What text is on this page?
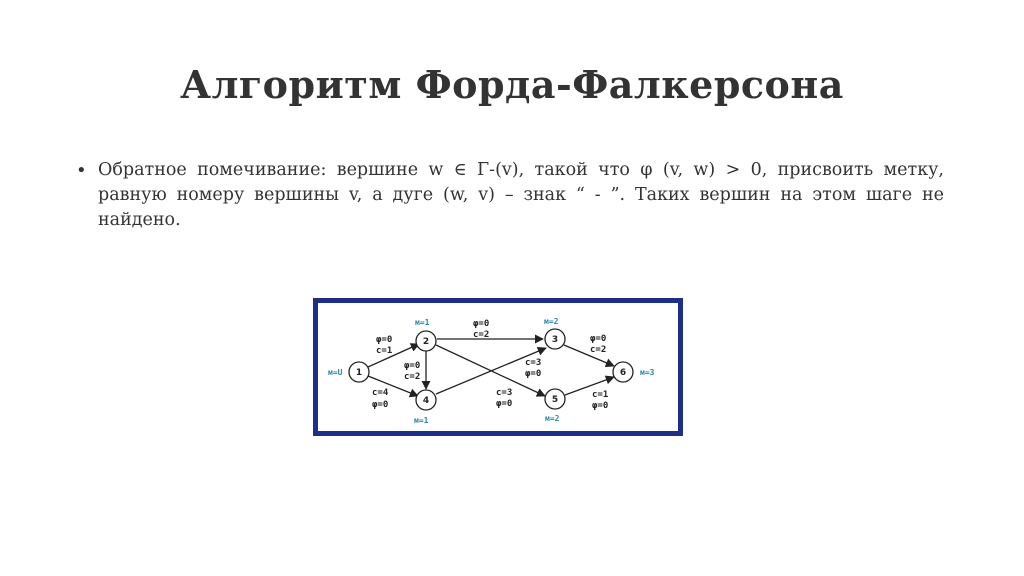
Алгоритм Форда-Фалкерсона
• Обратное помечивание: вершине w ∈ Γ-(v), такой что φ (v, w) > 0, присвоить метку, равную номеру вершины v, а дуге (w, v) – знак “ - ”. Таких вершин на этом шаге не найдено.
1
2	3
4	5
6
м=U
м=1	м=2
м=1	м=2
м=3
φ=0
c=1
c=4
φ=0
φ=0
c=2
φ=0
c=2
c=3
φ=0
c=3
φ=0
φ=0
c=2
c=1
φ=0
